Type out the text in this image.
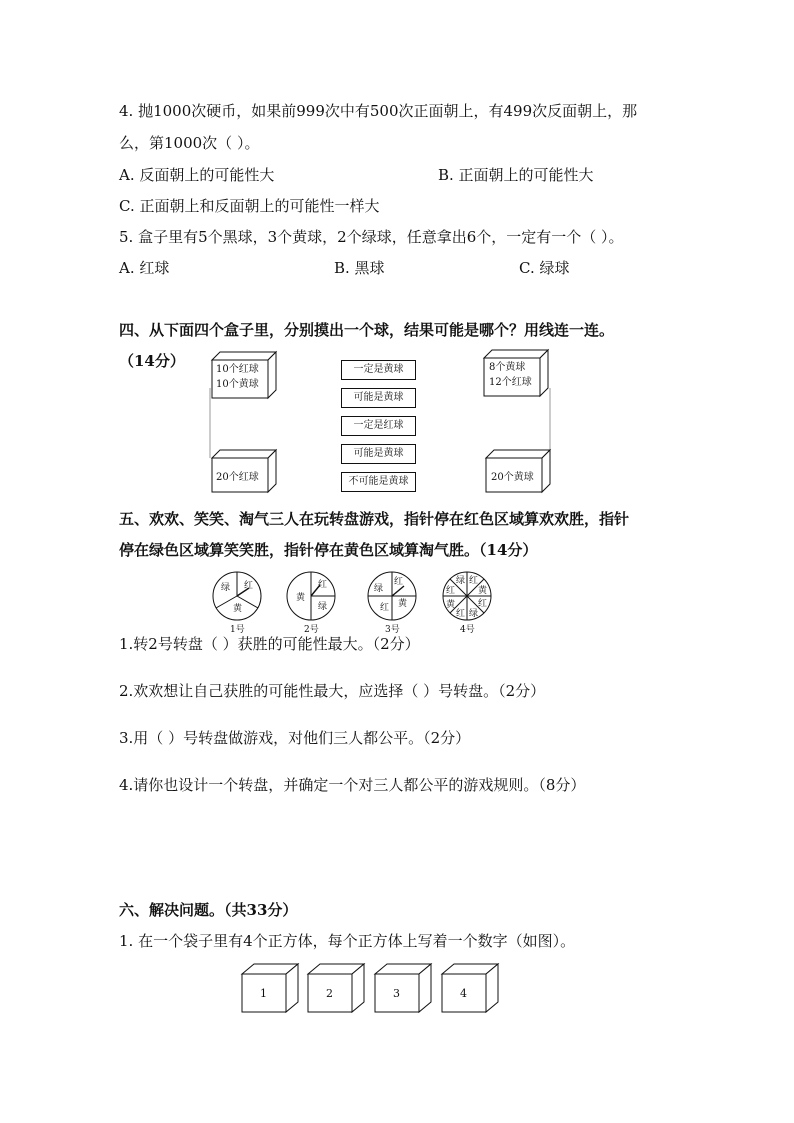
4. 抛1000次硬币，如果前999次中有500次正面朝上，有499次反面朝上，那
么，第1000次（ ）。
A. 反面朝上的可能性大	B. 正面朝上的可能性大
C. 正面朝上和反面朝上的可能性一样大
5. 盒子里有5个黑球，3个黄球，2个绿球，任意拿出6个，一定有一个（ ）。
A. 红球	B. 黑球	C. 绿球
四、从下面四个盒子里，分别摸出一个球，结果可能是哪个？用线连一连。
（14分）	10个红球
10个黄球
8个黄球
12个红球
20个红球	20个黄球
一定是黄球
可能是黄球
一定是红球
可能是黄球
不可能是黄球
五、欢欢、笑笑、淘气三人在玩转盘游戏，指针停在红色区域算欢欢胜，指针
停在绿色区域算笑笑胜，指针停在黄色区域算淘气胜。（14分）
绿 红
黄
黄
红
绿
绿
红
红 黄
绿 红
红	黄
黄	红
红 绿
1号	2号	3号	4号
1.转2号转盘（ ）获胜的可能性最大。（2分）
2.欢欢想让自己获胜的可能性最大，应选择（ ）号转盘。（2分）
3.用（ ）号转盘做游戏，对他们三人都公平。（2分）
4.请你也设计一个转盘，并确定一个对三人都公平的游戏规则。（8分）
六、解决问题。（共33分）
1. 在一个袋子里有4个正方体，每个正方体上写着一个数字（如图）。
1	2	3	4
